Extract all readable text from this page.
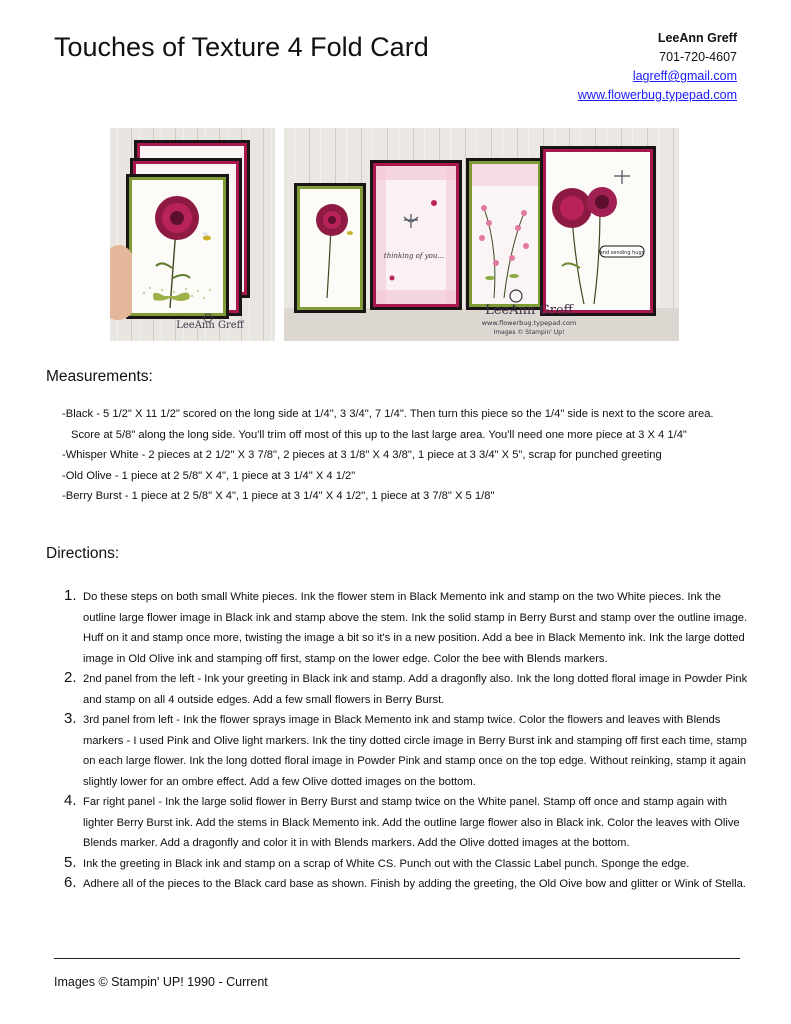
Touches of Texture 4 Fold Card	LeeAnn Greff
701-720-4607
lagreff@gmail.com
www.flowerbug.typepad.com
LeeAnn Greff
thinking of you...	and sending hugs
LeeAnn Greff
www.flowerbug.typepad.com
Images © Stampin' Up!
Measurements:
-Black - 5 1/2" X 11 1/2" scored on the long side at 1/4", 3 3/4", 7 1/4". Then turn this piece so the 1/4" side is next to the score area. Score at 5/8" along the long side. You'll trim off most of this up to the last large area. You'll need one more piece at 3 X 4 1/4"
-Whisper White - 2 pieces at 2 1/2" X 3 7/8", 2 pieces at 3 1/8" X 4 3/8", 1 piece at 3 3/4" X 5", scrap for punched greeting
-Old Olive - 1 piece at 2 5/8" X 4", 1 piece at 3 1/4" X 4 1/2"
-Berry Burst - 1 piece at 2 5/8" X 4", 1 piece at 3 1/4" X 4 1/2", 1 piece at 3 7/8" X 5 1/8"
Directions:
1. Do these steps on both small White pieces. Ink the flower stem in Black Memento ink and stamp on the two White pieces. Ink the outline large flower image in Black ink and stamp above the stem. Ink the solid stamp in Berry Burst and stamp over the outline image. Huff on it and stamp once more, twisting the image a bit so it's in a new position. Add a bee in Black Memento ink. Ink the large dotted image in Old Olive ink and stamping off first, stamp on the lower edge. Color the bee with Blends markers.
2. 2nd panel from the left - Ink your greeting in Black ink and stamp. Add a dragonfly also. Ink the long dotted floral image in Powder Pink and stamp on all 4 outside edges. Add a few small flowers in Berry Burst.
3. 3rd panel from left - Ink the flower sprays image in Black Memento ink and stamp twice. Color the flowers and leaves with Blends markers - I used Pink and Olive light markers. Ink the tiny dotted circle image in Berry Burst ink and stamping off first each time, stamp on each large flower. Ink the long dotted floral image in Powder Pink and stamp once on the top edge. Without reinking, stamp it again slightly lower for an ombre effect. Add a few Olive dotted images on the bottom.
4. Far right panel - Ink the large solid flower in Berry Burst and stamp twice on the White panel. Stamp off once and stamp again with lighter Berry Burst ink. Add the stems in Black Memento ink. Add the outline large flower also in Black ink. Color the leaves with Olive Blends marker. Add a dragonfly and color it in with Blends markers. Add the Olive dotted images at the bottom.
5. Ink the greeting in Black ink and stamp on a scrap of White CS. Punch out with the Classic Label punch. Sponge the edge.
6. Adhere all of the pieces to the Black card base as shown. Finish by adding the greeting, the Old Oive bow and glitter or Wink of Stella.
Images © Stampin' UP! 1990 - Current
